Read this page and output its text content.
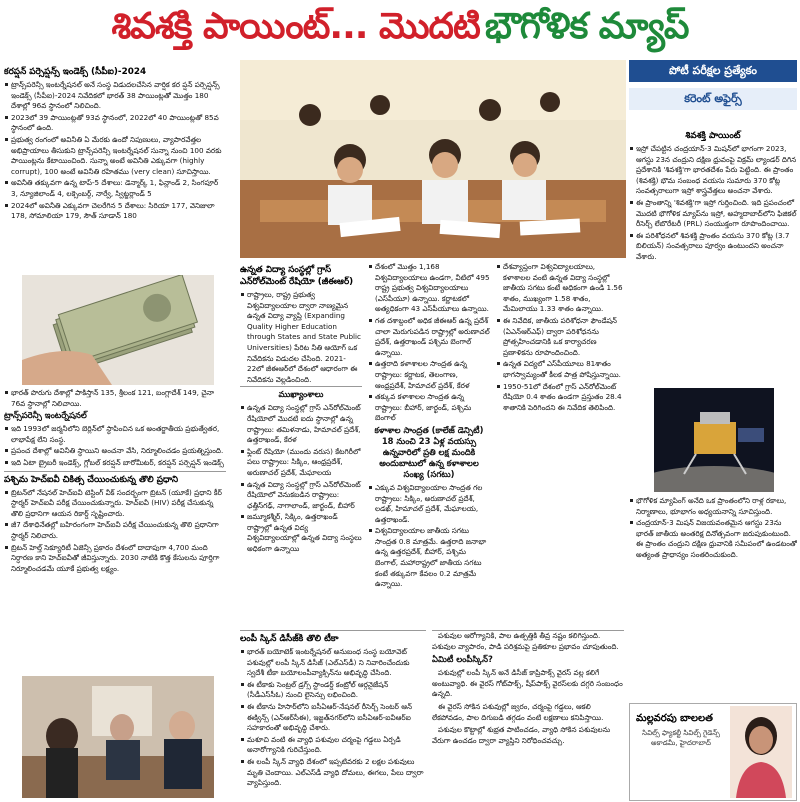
శివశక్తి పాయింట్... మొదటి భౌగోళిక మ్యాప్
కరప్షన్ పర్సెప్షన్స్ ఇండెక్స్ (సీపీఐ)-2024
ట్రాన్స్‌పరెన్సీ ఇంటర్నేషనల్ అనే సంస్థ విడుదలచేసిన వార్షిక కర ప్షన్ పర్సెప్షన్స్ ఇండెక్స్ (సీపీఐ)-2024 నివేదికలో భారత్ 38 పాయింట్లతో మొత్తం 180 దేశాల్లో 96వ స్థానంలో నిలిచింది.
2023లో 39 పాయింట్లతో 93వ స్థానంలో, 2022లో 40 పాయింట్లతో 85వ స్థానంలో ఉంది.
ప్రభుత్వ రంగంలో అవినీతి ఏ మేరకు ఉందో నిపుణులు, వ్యాపారవేత్తల అభిప్రాయాలు తీసుకుని ట్రాన్స్‌పరెన్సీ ఇంటర్నేషనల్ సున్నా నుంచి 100 వరకు పాయింట్లను కేటాయించింది. సున్నా అంటే అవినీతి ఎక్కువగా (highly corrupt), 100 అంటే అవినీతి రహితము (very clean) సూచిస్తాయి.
అవినీతి తక్కువగా ఉన్న టాప్-5 దేశాలు: డెన్మార్క్ 1, ఫిన్లాండ్ 2, సింగపూర్ 3, న్యూజిలాండ్ 4, లక్సెంబర్గ్, నార్వే, స్విట్జర్లాండ్ 5
2024లో అవినీతి ఎక్కువగా చెలరేగిన 5 దేశాలు: సిరియా 177, వెనిజులా 178, సోమాలియా 179, సౌత్ సూడాన్ 180
భారత్ పొరుగు దేశాల్లో పాకిస్తాన్ 135, శ్రీలంక 121, బంగ్లాదేశ్ 149, చైనా 76వ స్థానాల్లో నిలిచాయి.
ట్రాన్స్‌పరెన్సీ ఇంటర్నేషనల్
ఇది 1993లో జర్మనీలోని బెర్లిన్‌లో స్థాపించిన ఒక అంతర్జాతీయ ప్రభుత్వేతర, లాభాపేక్ష లేని సంస్థ.
ప్రపంచ దేశాల్లో అవినీతి స్థాయిని అంచనా వేసి, నిర్మూలించడం ప్రయత్నిస్తుంది.
ఇది ఏటా బ్రైబరీ ఇండెక్స్, గ్లోబల్ కరప్షన్ బారోమీటర్, కరప్షన్ పర్సెప్షన్ ఇండెక్స్
పశ్చిమ హెచ్‌ఐవీ చికిత్స చేయించుకున్న తొలి ప్రధాని
బ్రిటన్‌లో నేషనల్ హెచ్‌ఐవీ టెస్టింగ్ వీక్ సందర్భంగా బ్రిటన్ (యూకే) ప్రధాని కీర్ స్టార్మర్ హెచ్‌ఐవీ పరీక్ష చేయించుకున్నారు. హెచ్‌ఐవీ (HIV) పరీక్ష చేసుకున్న తొలి ప్రధానిగా ఆయన రికార్డ్ సృష్టించారు.
జీ7 దేశాధినేతల్లో బహిరంగంగా హెచ్‌ఐవీ పరీక్ష చేయించుకున్న తొలి ప్రధానిగా స్టార్మర్ నిలిచారు.
బ్రిటన్ హెల్త్ సెక్యూరిటీ ఏజెన్సీ ప్రకారం దేశంలో దాదాపుగా 4,700 మంది నిర్ధారణ కాని హెచ్‌ఐవీతో జీవిస్తున్నారు. 2030 నాటికి కొత్త కేసులను పూర్తిగా నిర్మూలించడమే యూకే ప్రభుత్వ లక్ష్యం.
పోటీ పరీక్షల ప్రత్యేకం
కరెంట్ అఫైర్స్
ఉన్నత విద్యా సంస్థల్లో గ్రాస్ ఎన్‌రోల్‌మెంట్ రేషియో (జీఈఆర్)
రాష్ట్రాలు, రాష్ట్ర ప్రభుత్వ విశ్వవిద్యాలయాల ద్వారా నాణ్యమైన ఉన్నత విద్యా వ్యాప్తి (Expanding Quality Higher Education through States and State Public Universities) పేరిట నీతి ఆయోగ్ ఒక నివేదికను విడుదల చేసింది. 2021-22లో జీఈఆర్‌లో దేశంలో ఆధారంగా ఈ నివేదికను వెల్లడించింది.
ముఖ్యాంశాలు
ఉన్నత విద్యా సంస్థల్లో గ్రాస్ ఎన్‌రోల్‌మెంట్ రేషియోలో మొదటి ఐదు స్థానాల్లో ఉన్న రాష్ట్రాలు: తమిళనాడు, హిమాచల్ ప్రదేశ్, ఉత్తరాఖండ్, కేరళ
ఫ్లింట్ రేషియో (ముందు వరుస) కేటగిరీలో పలు రాష్ట్రాలు: సిక్కిం, ఆంధ్రప్రదేశ్, అరుణాచల్ ప్రదేశ్, మేఘాలయ
ఉన్నత విద్యా సంస్థల్లో గ్రాస్ ఎన్‌రోల్‌మెంట్ రేషియోలో వెనుకబడిన రాష్ట్రాలు: ఛత్తీస్‌గఢ్, నాగాలాండ్, జార్ఖండ్, బీహార్
జమ్మూకశ్మీర్, సిక్కిం, ఉత్తరాఖండ్ రాష్ట్రాల్లో ఉన్నత విద్య విశ్వవిద్యాలయాల్లో ఉన్నత విద్యా సంస్థలు అధికంగా ఉన్నాయి
దేశంలో మొత్తం 1,168 విశ్వవిద్యాలయాలు ఉండగా, వీటిలో 495 రాష్ట్ర ప్రభుత్వ విశ్వవిద్యాలయాలు (ఎస్‌పీయూ) ఉన్నాయి. కర్ణాటకలో అత్యధికంగా 43 ఎస్‌పీయూలు ఉన్నాయి.
గత దశాబ్దంలో అధిక జీఈఆర్ ఉన్న ప్రదేశ్ చాలా మెరుగుపడిన రాష్ట్రాల్లో అరుణాచల్ ప్రదేశ్, ఉత్తరాఖండ్ పశ్చిమ బెంగాల్ ఉన్నాయి.
ఉత్తరాది కళాశాలల సాంద్రత ఉన్న రాష్ట్రాలు: కర్ణాటక, తెలంగాణ, ఆంధ్రప్రదేశ్, హిమాచల్ ప్రదేశ్, కేరళ
తక్కువ కళాశాలల సాంద్రత ఉన్న రాష్ట్రాలు: బీహార్, జార్ఖండ్, పశ్చిమ బెంగాల్
కళాశాల సాంద్రత (కాలేజ్ డెన్సిటీ) 18 నుంచి 23 ఏళ్ల వయస్సు ఉన్నవారిలో ప్రతి లక్ష మందికి అందుబాటులో ఉన్న కళాశాలల సంఖ్య (సగటు)
ఎక్కువ విశ్వవిద్యాలయాల సాంద్రత గల రాష్ట్రాలు: సిక్కిం, అరుణాచల్ ప్రదేశ్, లడఖ్, హిమాచల్ ప్రదేశ్, మేఘాలయ, ఉత్తరాఖండ్.
విశ్వవిద్యాలయాల జాతీయ సగటు సాంద్రత 0.8 మాత్రమే. ఉత్తరాది జనాభా ఉన్న ఉత్తరప్రదేశ్, బీహార్, పశ్చిమ బెంగాల్, మహారాష్ట్రలో జాతీయ సగటు కంటే తక్కువగా కేవలం 0.2 మాత్రమే ఉన్నాయి.
దేశవ్యాప్తంగా విశ్వవిద్యాలయాలు, కళాశాలల వంటి ఉన్నత విద్యా సంస్థల్లో జాతీయ సగటు కంటే అధికంగా ఉండి 1.56 శాతం, ముఖ్యంగా 1.58 శాతం, మేమిలాయు 1.33 శాతం ఉన్నాయి.
ఈ నివేదిక, జాతీయ పరిశోధనా ఫౌండేషన్ (ఏఎన్‌ఆర్‌ఎఫ్) ద్వారా పరిశోధనను ప్రోత్సహించడానికి ఒక కార్యాచరణ ప్రణాళికను రూపొందించింది.
ఉన్నత విద్యలో ఎస్‌పీయూలు 81శాతం భాగస్వామ్యంతో కీలక పాత్ర పోషిస్తున్నాయి.
1950-51లో దేశంలో గ్రాస్ ఎన్‌రోల్‌మెంట్ రేషియో 0.4 శాతం ఉండగా ప్రస్తుతం 28.4 శాతానికి పెరిగిందని ఈ నివేదిక తెలిపింది.
లంపీ స్కిన్ డిసీజ్‌కి తొలి టీకా
భారత్ బయోటెక్ ఇంటర్నేషనల్ అనుబంధ సంస్థ బయోవెట్ పశువుల్లో లంపీ స్కిన్ డిసీజ్ (ఎల్‌ఎస్‌డీ) ని నివారించేందుకు స్వదేశీ టీకా బయోలంపీవ్యాక్సిన్‌ను అభివృద్ధి చేసింది.
ఈ టీకాకు సెంట్రల్ డ్రగ్స్ స్టాండర్డ్ కంట్రోల్ ఆర్గనైజేషన్ (సీడీఎస్‌సీఓ) నుంచి లైసెన్సు లభించింది.
ఈ టీకాను హిసార్‌లోని ఐసీఏఆర్-నేషనల్ రీసెర్చ్ సెంటర్ ఆన్ ఈక్విన్స్ (ఎన్‌ఆర్‌సీఈ), ఇజ్జత్‌నగర్‌లోని ఐసీఏఆర్-ఐవీఆర్‌ఐ సహకారంతో అభివృద్ధి చేశారు.
మశూచి వంటి ఈ వ్యాధి పశువుల చర్మంపై గడ్డలు ఏర్పడి అనారోగ్యానికి గురిచేస్తుంది.
ఈ లంపీ స్కిన్ వ్యాధి దేశంలో ఇప్పటివరకు 2 లక్షల పశువులు మృతి చెందాయి. ఎల్‌ఎస్‌డీ వ్యాధి దోమలు, ఈగలు, పేలు ద్వారా వ్యాపిస్తుంది.

పశువుల ఆరోగ్యానికి, పాల ఉత్పత్తికి తీవ్ర నష్టం కలిగిస్తుంది. పశువుల వ్యాపారం, పాడి పరిశ్రమపై ప్రతికూల ప్రభావం చూపుతుంది.

ఏమిటీ లంపీస్కిన్?

పశువుల్లో లంపీ స్కిన్ అనే డిసీజ్ కాప్రిపాక్స్ వైరస్ వల్ల కలిగే అంటువ్యాధి. ఈ వైరస్ గోట్‌పాక్స్, షీప్‌పాక్స్ వైరస్‌లకు దగ్గరి సంబంధం ఉన్నది.

ఈ వైరస్ సోకిన పశువుల్లో జ్వరం, చర్మంపై గడ్డలు, ఆకలి లేకపోవడం, పాల దిగుబడి తగ్గడం వంటి లక్షణాలు కనిపిస్తాయి.

పశువుల కొట్టాల్లో శుభ్రత పాటించడం, వ్యాధి సోకిన పశువులను వేరుగా ఉంచడం ద్వారా వ్యాప్తిని నిరోధించవచ్చు.

శివశక్తి పాయింట్
ఇస్రో చేపట్టిన చంద్రయాన్-3 మిషన్‌లో భాగంగా 2023, ఆగస్టు 23న చంద్రుని దక్షిణ ధ్రువంపై విక్రమ్ ల్యాండర్ దిగిన ప్రదేశానికి 'శివశక్తి'గా భారతదేశం పేరు పెట్టింది. ఈ ప్రాంతం (శివశక్తి) భౌమ సంబంధ వయసు సుమారు 370 కోట్ల సంవత్సరాలుగా ఇస్రో శాస్త్రవేత్తలు అంచనా వేశారు.
ఈ ప్రాంతాన్ని 'శివశక్తి'గా ఇస్రో గుర్తించింది. ఇది ప్రపంచంలో మొదటి భౌగోళిక మ్యాప్‌ను ఇస్రో, అహ్మదాబాద్‌లోని ఫిజికల్ రీసెర్చ్ లేబొరేటరీ (PRL) సంయుక్తంగా రూపొందించాయి.
ఈ పరిశోధనలో శివశక్తి ప్రాంతం వయసు 370 కోట్ల (3.7 బిలియన్) సంవత్సరాలు పూర్వం ఉంటుందని అంచనా వేశారు.
భౌగోళిక మ్యాపింగ్ అనేది ఒక ప్రాంతంలోని రాళ్ల రకాలు, నిర్మాణాలు, భూభాగం అధ్యయనాన్ని సూచిస్తుంది.
చంద్రయాన్-3 మిషన్ విజయవంతమైన ఆగస్టు 23ను భారత్ జాతీయ అంతరిక్ష దినోత్సవంగా జరుపుకుంటుంది. ఈ ప్రాంతం చంద్రుని దక్షిణ ధ్రువానికి సమీపంలో ఉండటంతో అత్యంత ప్రాధాన్యం సంతరించుకుంది.
మల్లవరపు బాలలత
సివిల్స్ ఫ్యాకల్టీ సివిల్స్ గైడెన్స్ అకాడమీ, హైదరాబాద్
